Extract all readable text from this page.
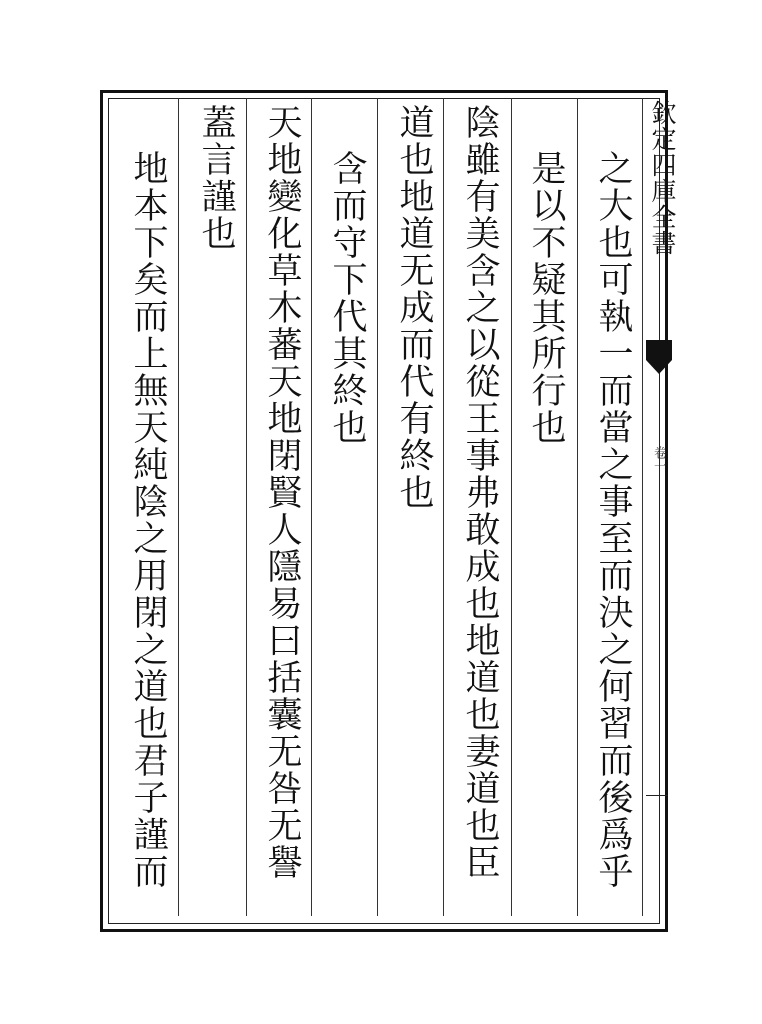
之大也可執一而當之事至而決之何習而後爲乎
是以不疑其所行也
陰雖有美含之以從王事弗敢成也地道也妻道也臣
道也地道无成而代有終也
含而守下代其終也
天地變化草木蕃天地閉賢人隱易曰括囊无咎无譽
蓋言謹也
地本下矣而上無天純陰之用閉之道也君子謹而	欽定四庫全書
卷一
